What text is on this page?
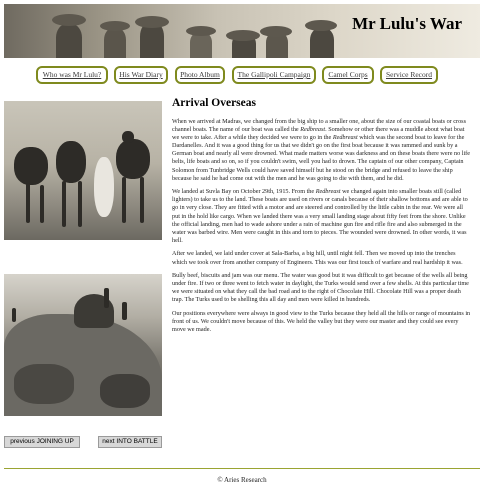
Mr Lulu's War
Who was Mr Lulu?	His War Diary	Photo Album	The Gallipoli Campaign	Camel Corps	Service Record
Arrival Overseas

When we arrived at Madras, we changed from the big ship to a smaller one, about the size of our coastal boats or cross channel boats. The name of our boat was called the Redbreast. Somehow or other there was a muddle about what boat we were to take. After a while they decided we were to go in the Redbreast which was the second boat to leave for the Dardanelles. And it was a good thing for us that we didn't go on the first boat because it was rammed and sunk by a German boat and nearly all were drowned. What made matters worse was darkness and on these boats there were no life belts, life boats and so on, so if you couldn't swim, well you had to drown. The captain of our other company, Captain Solomon from Tunbridge Wells could have saved himself but he stood on the bridge and refused to leave the ship because he said he had come out with the men and he was going to die with them, and he did.

We landed at Suvla Bay on October 29th, 1915. From the Redbreast we changed again into smaller boats still (called lighters) to take us to the land. These boats are used on rivers or canals because of their shallow bottoms and are able to go in very close. They are fitted with a motor and are steered and controlled by the little cabin in the rear. We were all put in the hold like cargo. When we landed there was a very small landing stage about fifty feet from the shore. Unlike the official landing, men had to wade ashore under a rain of machine gun fire and rifle fire and also submerged in the water was barbed wire. Men were caught in this and torn to pieces. The wounded were drowned. In other words, it was hell.

After we landed, we laid under cover at Sala-Barba, a big hill, until night fell. Then we moved up into the trenches which we took over from another company of Engineers. This was our first touch of warfare and real hardship it was.

Bully beef, biscuits and jam was our menu. The water was good but it was difficult to get because of the wells all being under fire. If two or three went to fetch water in daylight, the Turks would send over a few shells. At this particular time we were situated on what they call the bad road and to the right of Chocolate Hill. Chocolate Hill was a proper death trap. The Turks used to be shelling this all day and men were killed in hundreds.

Our positions everywhere were always in good view to the Turks because they held all the hills or range of mountains in front of us. We couldn't move because of this. We held the valley but they were our master and they could see every move we made.

previous JOINING UP	next INTO BATTLE
© Aries Research
